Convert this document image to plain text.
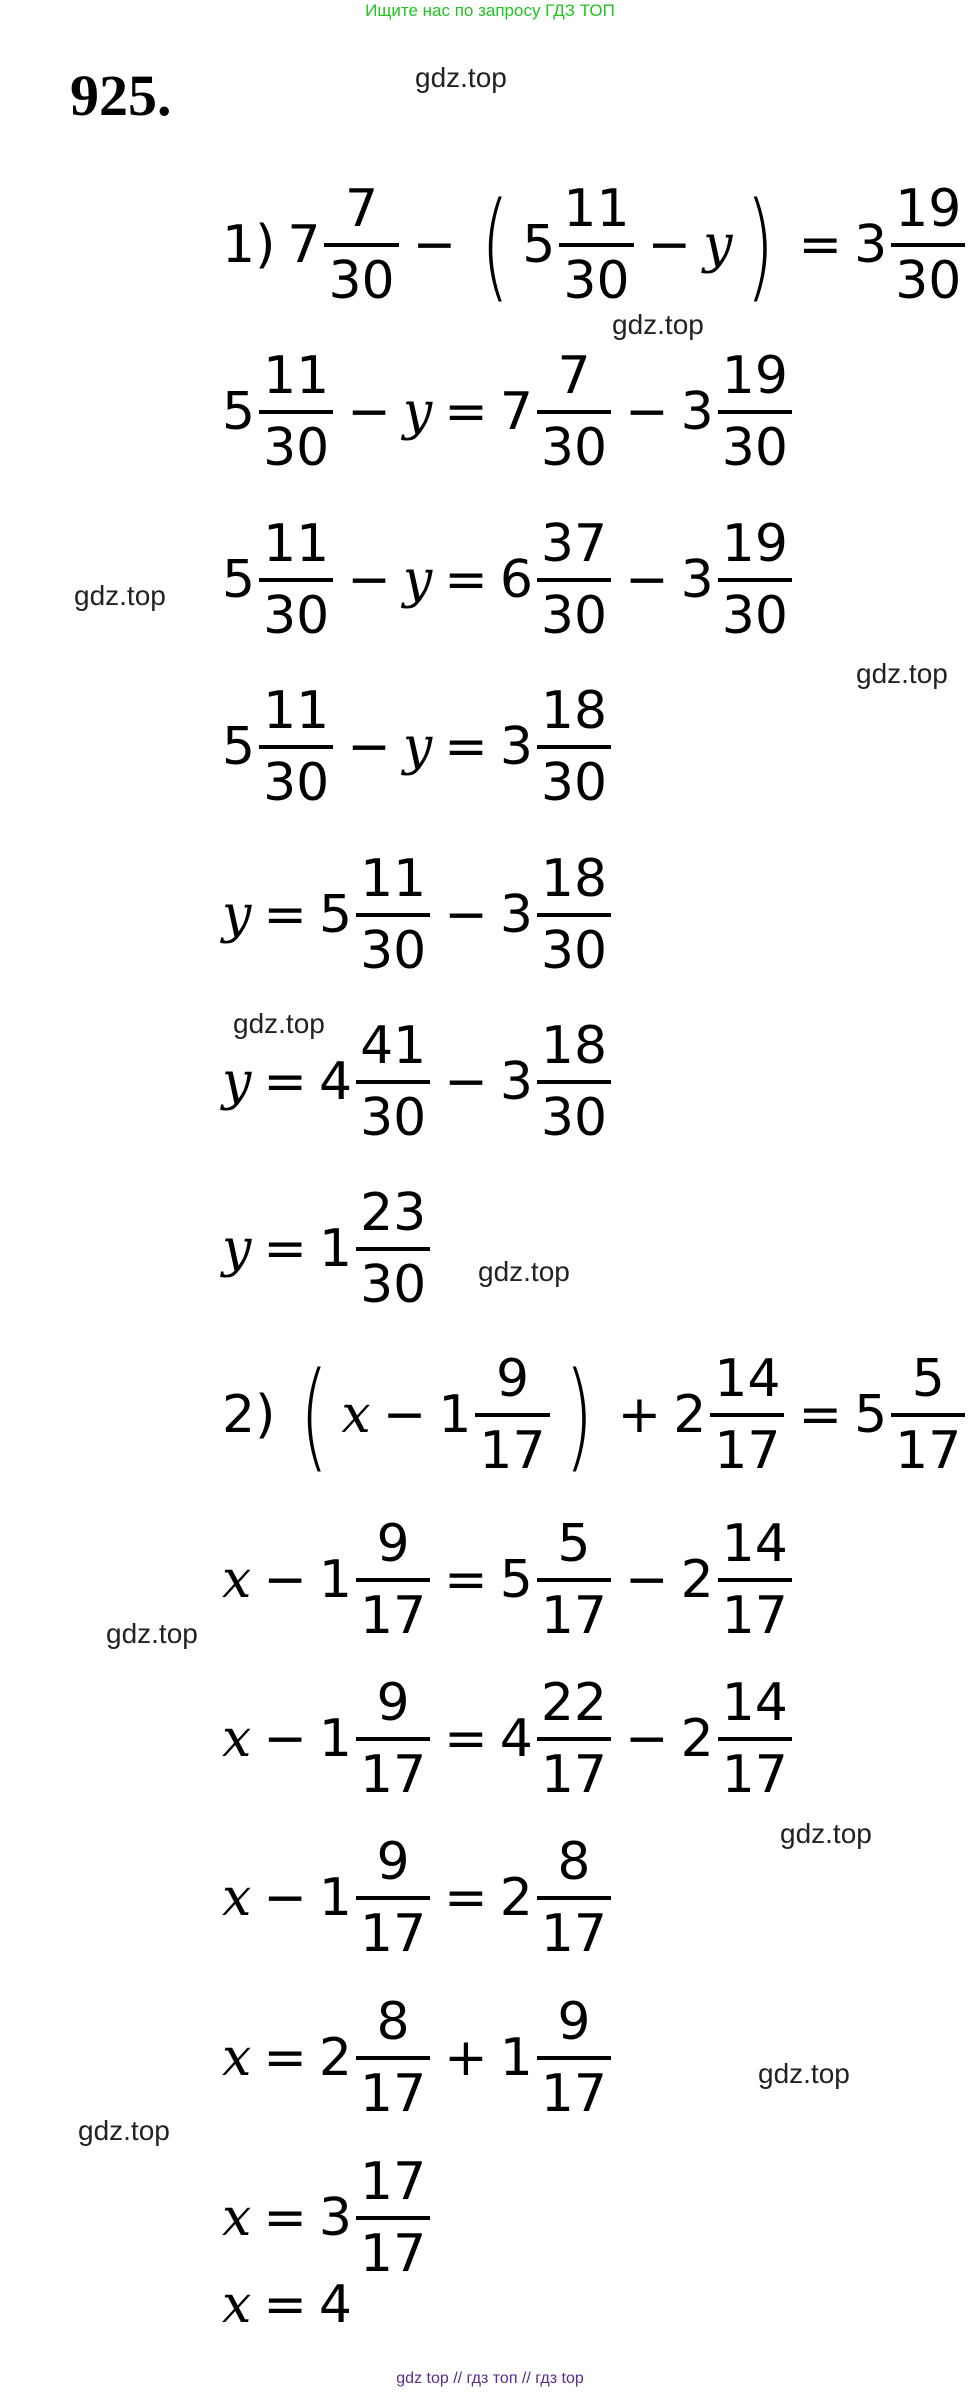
Ищите нас по запросу ГДЗ ТОП
925.	gdz.top
gdz.top
gdz.top
gdz.top
gdz.top
gdz.top
gdz.top
gdz.top
gdz.top
gdz.top
1) $7 \frac{7}{30}$ − ( $5 \frac{11}{30} - y$ ) = $3 \frac{19}{30}$
$5 \frac{11}{30} - y = 7 \frac{7}{30} - 3 \frac{19}{30}$
$5 \frac{11}{30} - y = 6 \frac{37}{30} - 3 \frac{19}{30}$
$5 \frac{11}{30} - y = 3 \frac{18}{30}$
$y = 5 \frac{11}{30} - 3 \frac{18}{30}$
$y = 4 \frac{41}{30} - 3 \frac{18}{30}$
$y = 1 \frac{23}{30}$
2) ( $x - 1 \frac{9}{17}$ ) + $2 \frac{14}{17} = 5 \frac{5}{17}$
$x - 1 \frac{9}{17} = 5 \frac{5}{17} - 2 \frac{14}{17}$
$x - 1 \frac{9}{17} = 4 \frac{22}{17} - 2 \frac{14}{17}$
$x - 1 \frac{9}{17} = 2 \frac{8}{17}$
$x = 2 \frac{8}{17} + 1 \frac{9}{17}$
$x = 3 \frac{17}{17}$
x = 4
gdz top // гдз топ // гдз top
